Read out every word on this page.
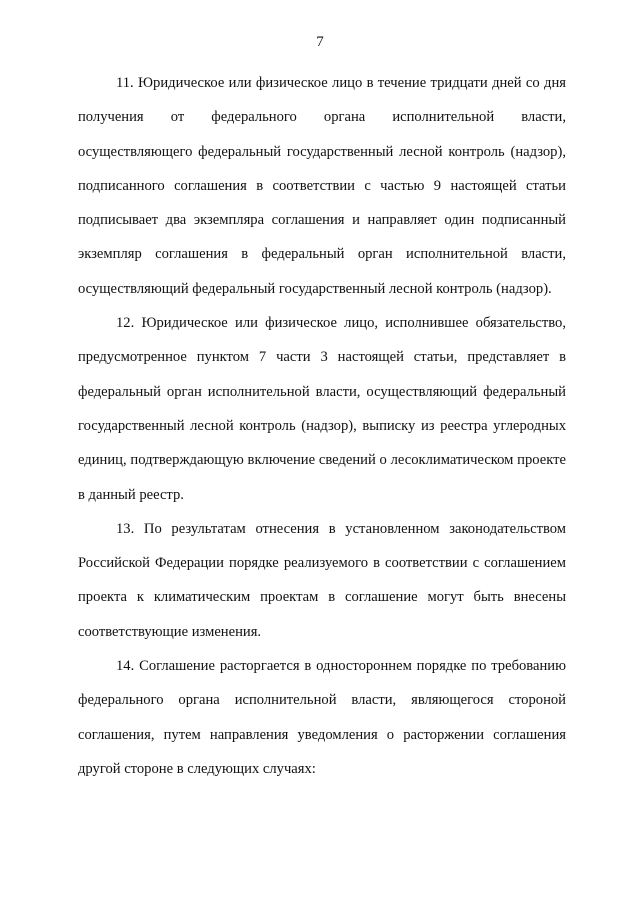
7

11. Юридическое или физическое лицо в течение тридцати дней со дня получения от федерального органа исполнительной власти, осуществляющего федеральный государственный лесной контроль (надзор), подписанного соглашения в соответствии с частью 9 настоящей статьи подписывает два экземпляра соглашения и направляет один подписанный экземпляр соглашения в федеральный орган исполнительной власти, осуществляющий федеральный государственный лесной контроль (надзор).

12. Юридическое или физическое лицо, исполнившее обязательство, предусмотренное пунктом 7 части 3 настоящей статьи, представляет в федеральный орган исполнительной власти, осуществляющий федеральный государственный лесной контроль (надзор), выписку из реестра углеродных единиц, подтверждающую включение сведений о лесоклиматическом проекте в данный реестр.

13. По результатам отнесения в установленном законодательством Российской Федерации порядке реализуемого в соответствии с соглашением проекта к климатическим проектам в соглашение могут быть внесены соответствующие изменения.

14. Соглашение расторгается в одностороннем порядке по требованию федерального органа исполнительной власти, являющегося стороной соглашения, путем направления уведомления о расторжении соглашения другой стороне в следующих случаях:
